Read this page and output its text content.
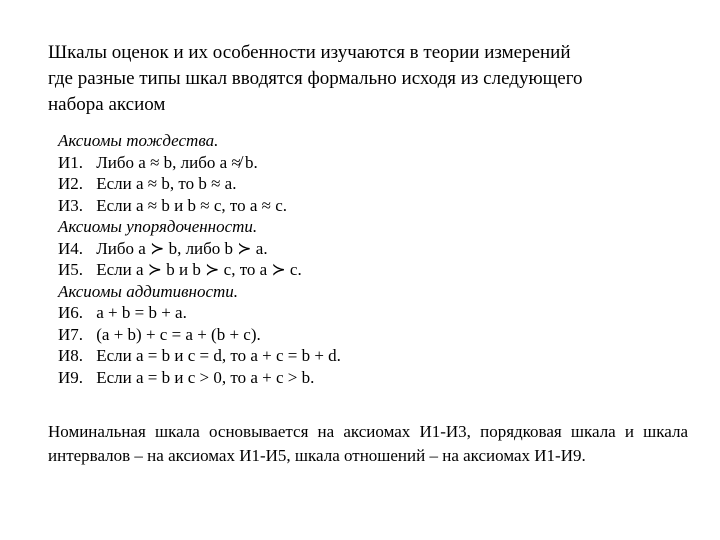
Шкалы оценок и их особенности изучаются в теории измерений
где разные типы шкал вводятся формально исходя из следующего
набора аксиом
Аксиомы тождества.
И1. Либо a ≈ b, либо a ≉ b.
И2. Если a ≈ b, то b ≈ a.
И3. Если a ≈ b и b ≈ c, то a ≈ c.
Аксиомы упорядоченности.
И4. Либо a ≻ b, либо b ≻ a.
И5. Если a ≻ b и b ≻ c, то a ≻ c.
Аксиомы аддитивности.
И6. a + b = b + a.
И7. (a + b) + c = a + (b + c).
И8. Если a = b и c = d, то a + c = b + d.
И9. Если a = b и c > 0, то a + c > b.
Номинальная шкала основывается на аксиомах И1-И3, порядковая шкала и шкала интервалов – на аксиомах И1-И5, шкала отношений – на аксиомах И1-И9.
